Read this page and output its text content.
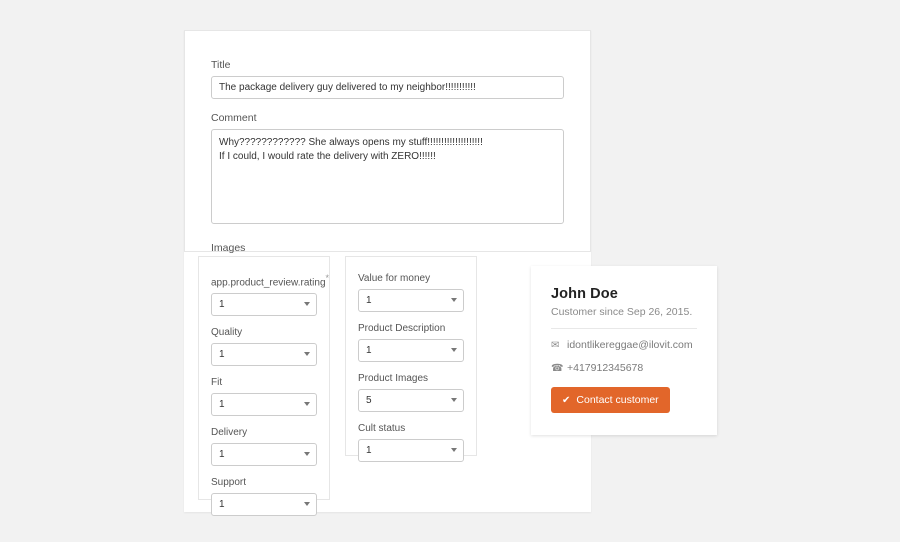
Title
The package delivery guy delivered to my neighbor!!!!!!!!!!!
Comment
Why???????????? She always opens my stuff!!!!!!!!!!!!!!!!!!!! If I could, I would rate the delivery with ZERO!!!!!!
Images
app.product_review.rating*
1
Quality
1
Fit
1
Delivery
1
Support
1
Value for money
1
Product Description
1
Product Images
5
Cult status
1
John Doe
Customer since Sep 26, 2015.
✉ idontlikereggae@ilovit.com
☎ +417912345678
✔ Contact customer
